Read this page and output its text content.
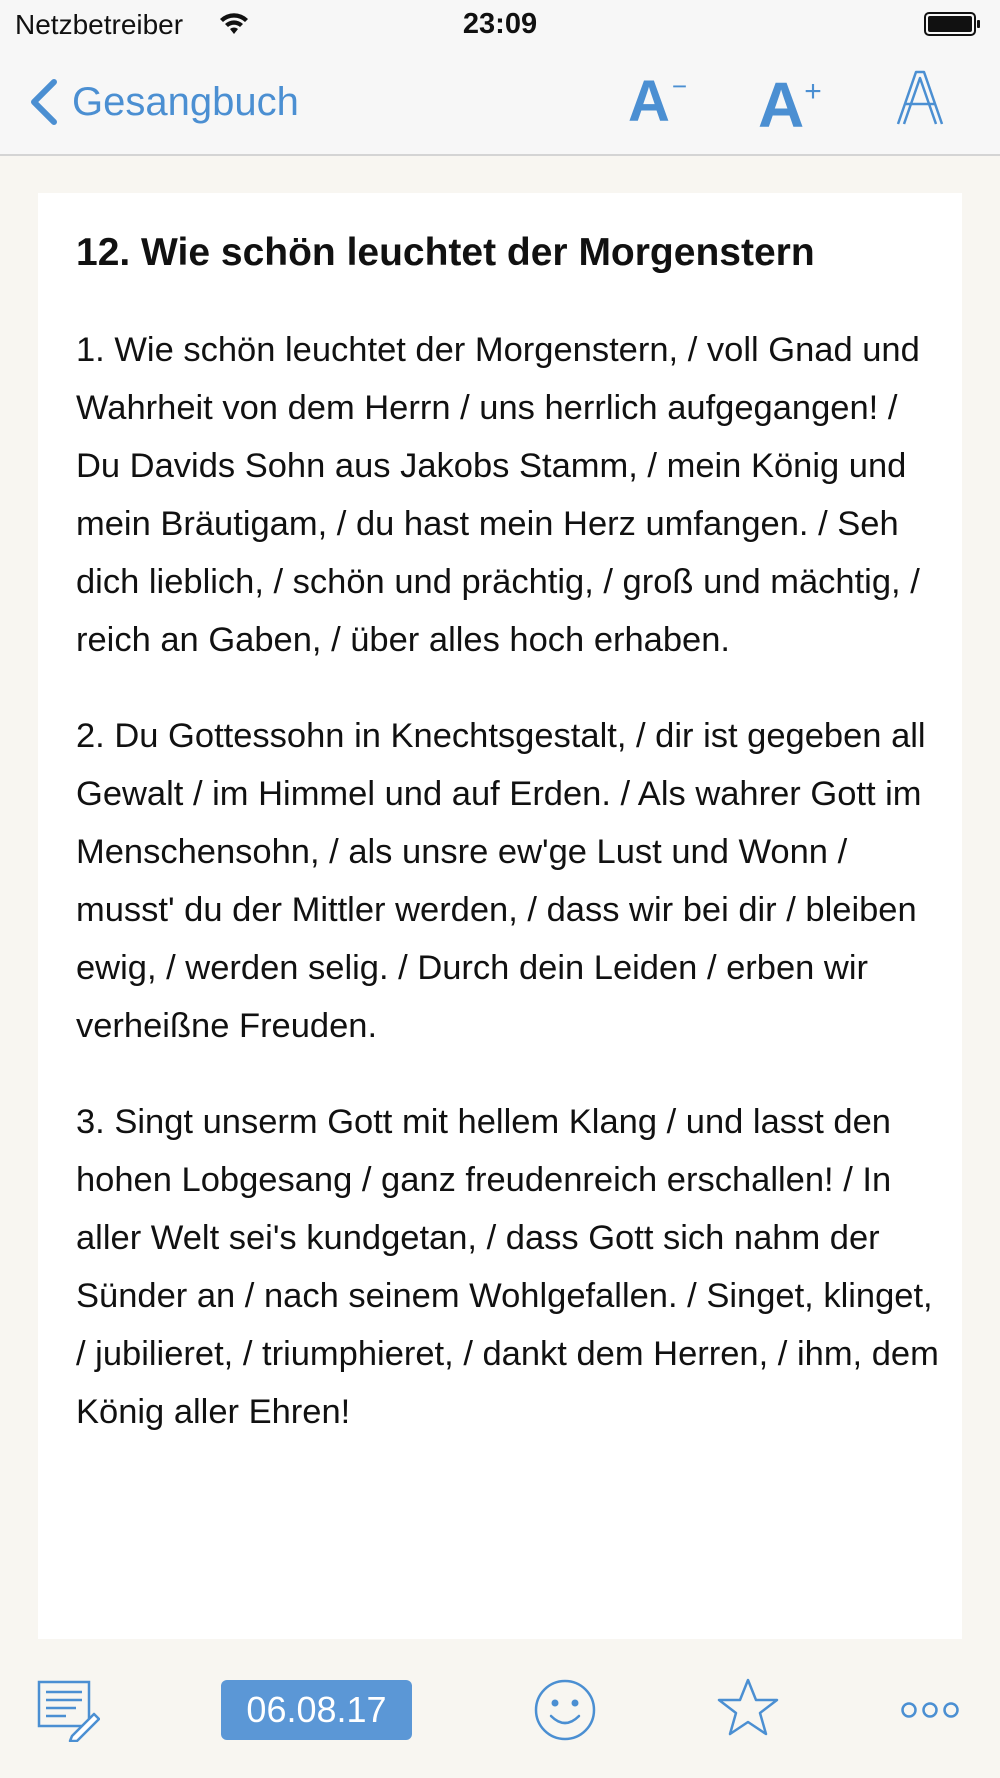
Netzbetreiber	23:09
Gesangbuch	A− A+
12. Wie schön leuchtet der Morgenstern

1. Wie schön leuchtet der Morgenstern, / voll Gnad und Wahrheit von dem Herrn / uns herrlich aufgegangen! / Du Davids Sohn aus Jakobs Stamm, / mein König und mein Bräutigam, / du hast mein Herz umfangen. / Seh dich lieblich, / schön und prächtig, / groß und mächtig, / reich an Gaben, / über alles hoch erhaben.

2. Du Gottessohn in Knechtsgestalt, / dir ist gegeben all Gewalt / im Himmel und auf Erden. / Als wahrer Gott im Menschensohn, / als unsre ew'ge Lust und Wonn / musst' du der Mittler werden, / dass wir bei dir / bleiben ewig, / werden selig. / Durch dein Leiden / erben wir verheißne Freuden.

3. Singt unserm Gott mit hellem Klang / und lasst den hohen Lobgesang / ganz freudenreich erschallen! / In aller Welt sei's kundgetan, / dass Gott sich nahm der Sünder an / nach seinem Wohlgefallen. / Singet, klinget, / jubilieret, / triumphieret, / dankt dem Herren, / ihm, dem König aller Ehren!

06.08.17
